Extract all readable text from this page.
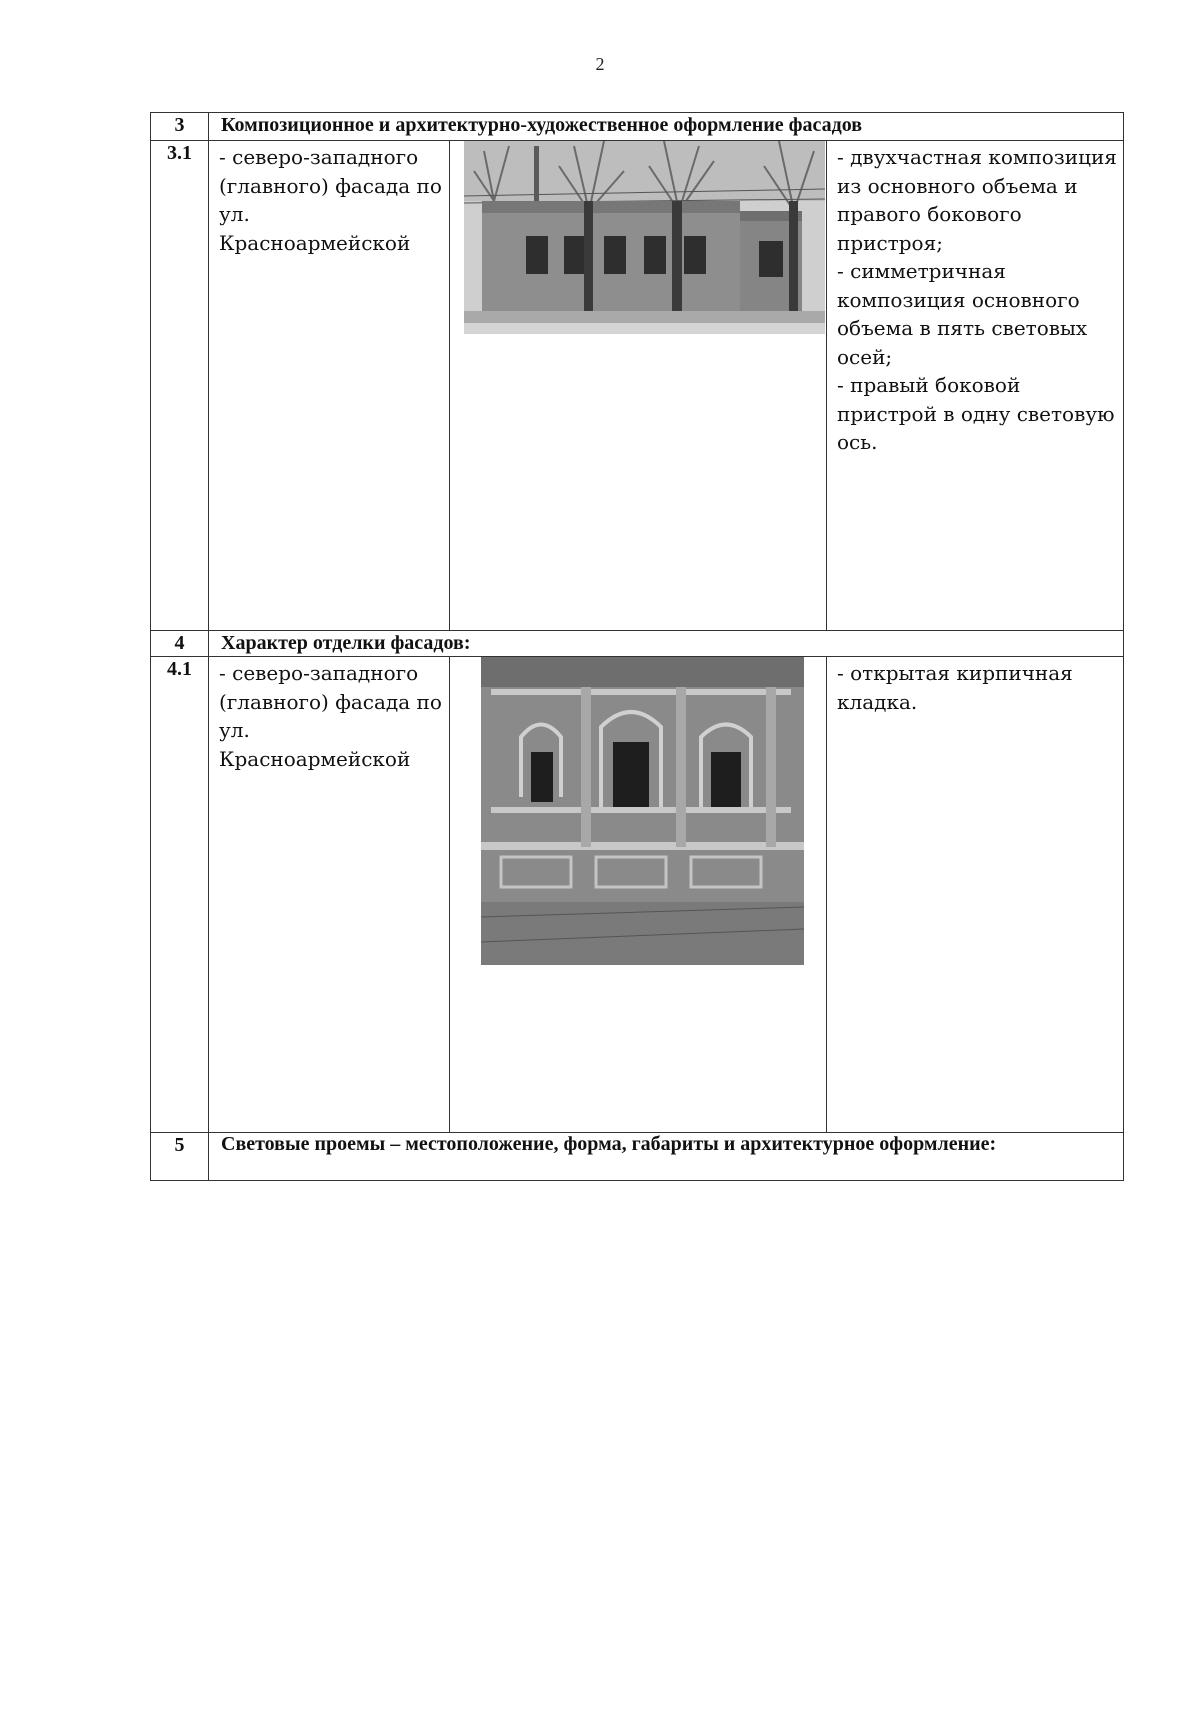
2
3	Композиционное и архитектурно-художественное оформление фасадов		
3.1	- северо-западного (главного) фасада по ул. Красноармейской		- двухчастная композиция из основного объема и правого бокового пристроя;
- симметричная композиция основного объема в пять световых осей;
- правый боковой пристрой в одну световую ось.
4	Характер отделки фасадов:		
4.1	- северо-западного (главного) фасада по ул. Красноармейской		- открытая кирпичная кладка.
5	Световые проемы – местоположение, форма, габариты и архитектурное оформление:		
